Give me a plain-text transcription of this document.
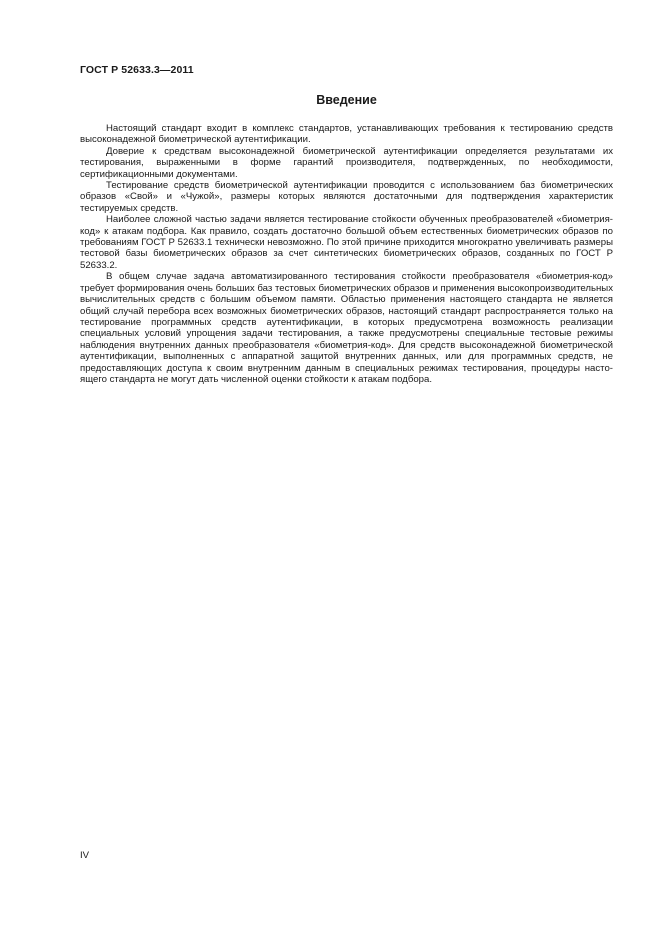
ГОСТ Р 52633.3—2011
Введение

Настоящий стандарт входит в комплекс стандартов, устанавливающих требования к тестированию средств высоконадежной биометрической аутентификации.

Доверие к средствам высоконадежной биометрической аутентификации определяется результатами их тестирования, выраженными в форме гарантий производителя, подтвержденных, по необходимости, сертификационными документами.

Тестирование средств биометрической аутентификации проводится с использованием баз биометрических образов «Свой» и «Чужой», размеры которых являются достаточными для подтверждения характеристик тестируемых средств.

Наиболее сложной частью задачи является тестирование стойкости обученных преобразователей «биометрия-код» к атакам подбора. Как правило, создать достаточно большой объем естественных биометрических образов по требованиям ГОСТ Р 52633.1 технически невозможно. По этой причине приходится многократно увеличивать размеры тестовой базы биометрических образов за счет синтетических биометрических образов, созданных по ГОСТ Р 52633.2.

В общем случае задача автоматизированного тестирования стойкости преобразователя «биометрия-код» требует формирования очень больших баз тестовых биометрических образов и применения высокопроизводительных вычислительных средств с большим объемом памяти. Областью применения настоящего стандарта не является общий случай перебора всех возможных биометрических образов, настоящий стандарт распространяется только на тестирование программных средств аутентификации, в которых предусмотрена возможность реализации специальных условий упрощения задачи тестирования, а также предусмотрены специальные тестовые режимы наблюдения внутренних данных преобразователя «биометрия-код». Для средств высоконадежной биометрической аутентификации, выполненных с аппаратной защитой внутренних данных, или для программных средств, не предоставляющих доступа к своим внутренним данным в специальных режимах тестирования, процедуры настоящего стандарта не могут дать численной оценки стойкости к атакам подбора.

IV
